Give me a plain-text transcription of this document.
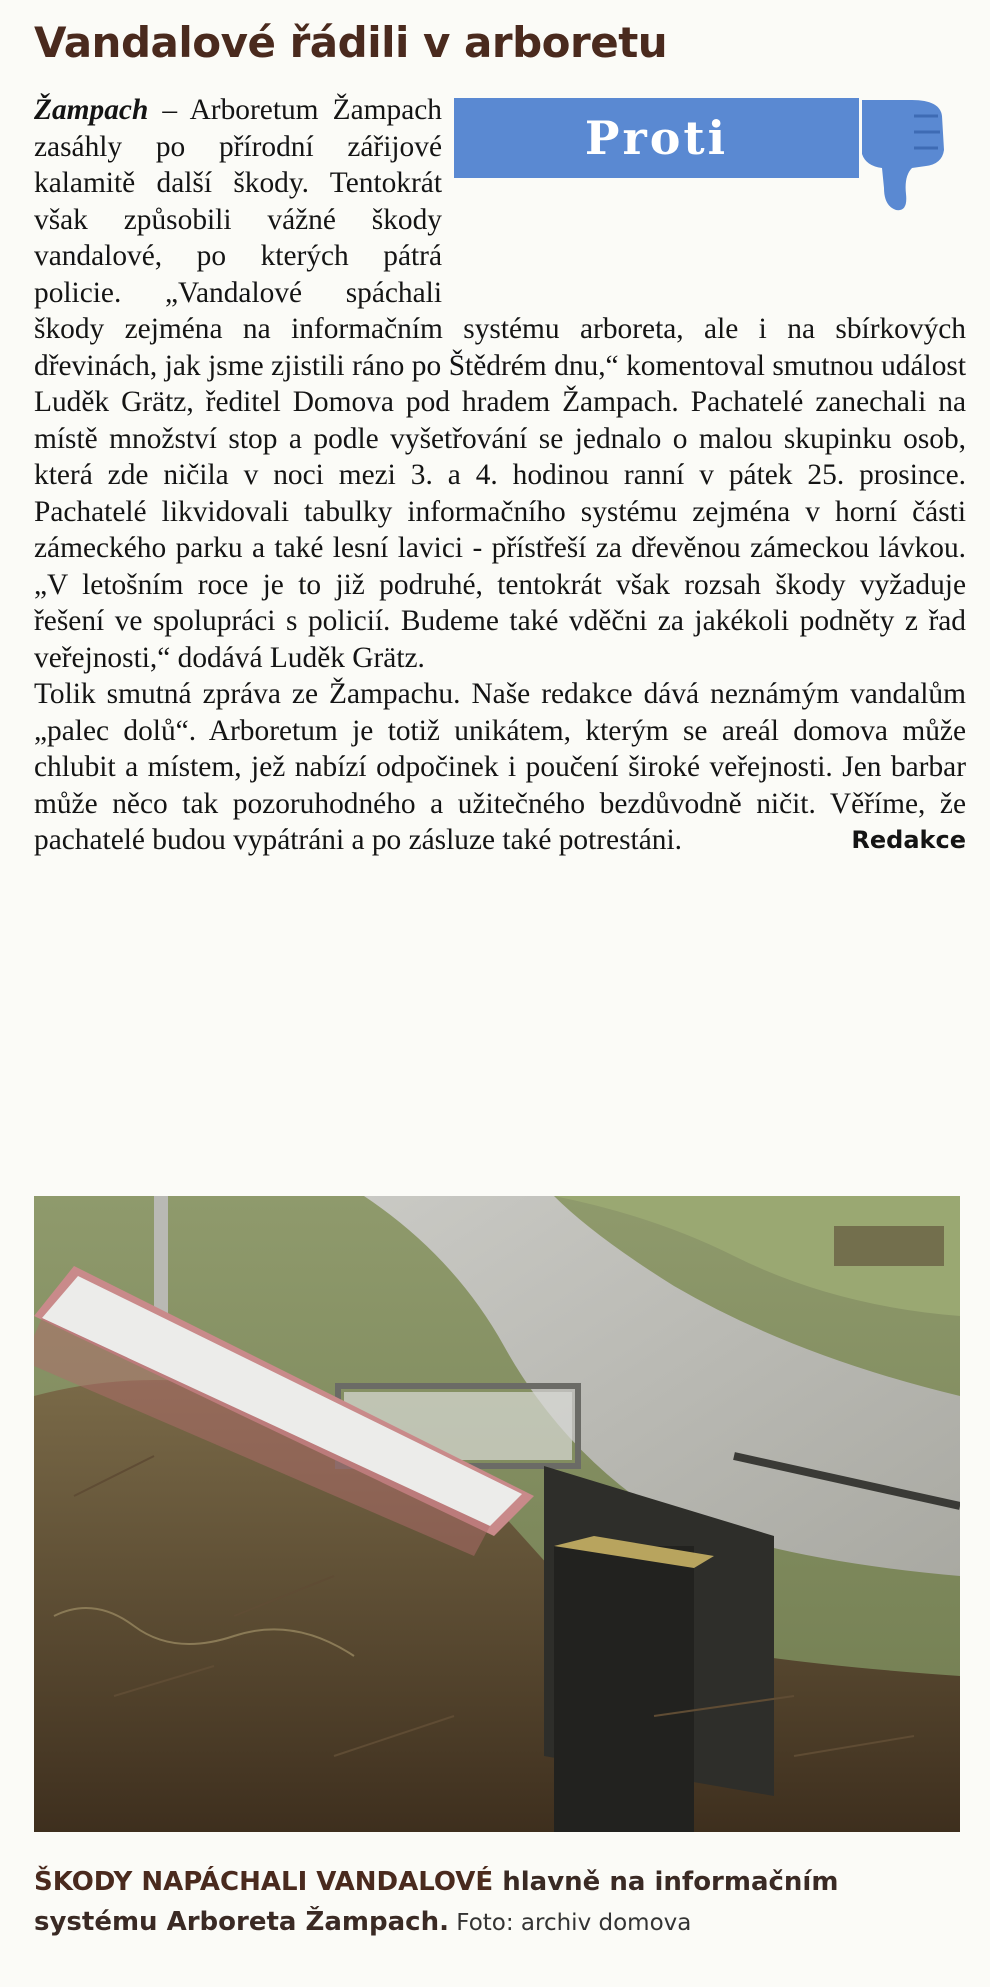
Vandalové řádili v arboretu
Proti
Žampach – Arboretum Žampach zasáhly po přírodní zářijové kalamitě další škody. Tentokrát však způsobili vážné škody vandalové, po kterých pátrá policie. „Vandalové spáchali škody zejména na informačním systému arboreta, ale i na sbírkových dřevinách, jak jsme zjistili ráno po Štědrém dnu,“ komentoval smutnou událost Luděk Grätz, ředitel Domova pod hradem Žampach. Pachatelé zanechali na místě množství stop a podle vyšetřování se jednalo o malou skupinku osob, která zde ničila v noci mezi 3. a 4. hodinou ranní v pátek 25. prosince. Pachatelé likvidovali tabulky informačního systému zejména v horní části zámeckého parku a také lesní lavici - přístřeší za dřevěnou zámeckou lávkou. „V letošním roce je to již podruhé, tentokrát však rozsah škody vyžaduje řešení ve spolupráci s policií. Budeme také vděčni za jakékoli podněty z řad veřejnosti,“ dodává Luděk Grätz.
Tolik smutná zpráva ze Žampachu. Naše redakce dává neznámým vandalům „palec dolů“. Arboretum je totiž unikátem, kterým se areál domova může chlubit a místem, jež nabízí odpočinek i poučení široké veřejnosti. Jen barbar může něco tak pozoruhodného a užitečného bezdůvodně ničit. Věříme, že pachatelé budou vypátráni a po zásluze také potrestáni.	Redakce

ŠKODY NAPÁCHALI VANDALOVÉ hlavně na informačním systému Arboreta Žampach. Foto: archiv domova
